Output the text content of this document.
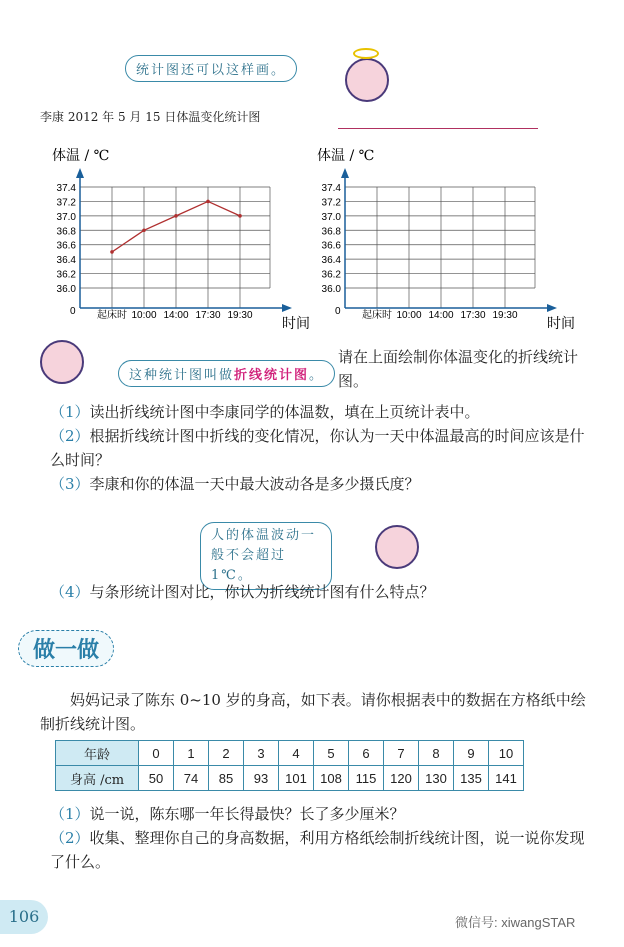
统计图还可以这样画。
李康 2012 年 5 月 15 日体温变化统计图
36.0
36.2
36.4
36.6
36.8
37.0
37.2
37.4
0
体温 / ℃
时间
起床时 10:00 14:00 17:30 19:30
36.0
36.2
36.4
36.6
36.8
37.0
37.2
37.4
0
体温 / ℃
时间
起床时 10:00 14:00 17:30 19:30
这种统计图叫做折线统计图。
请在上面绘制你体温变化的折线统计图。
（1）读出折线统计图中李康同学的体温数，填在上页统计表中。
（2）根据折线统计图中折线的变化情况，你认为一天中体温最高的时间应该是什么时间？
（3）李康和你的体温一天中最大波动各是多少摄氏度？
人的体温波动一般不会超过 1℃。
（4）与条形统计图对比，你认为折线统计图有什么特点？
做一做
妈妈记录了陈东 0~10 岁的身高，如下表。请你根据表中的数据在方格纸中绘制折线统计图。
年龄	0	1	2	3	4	5	6	7	8	9	10
身高 /cm	50	74	85	93	101	108	115	120	130	135	141
（1）说一说，陈东哪一年长得最快？长了多少厘米？
（2）收集、整理你自己的身高数据，利用方格纸绘制折线统计图，说一说你发现了什么。
106	微信号: xiwangSTAR
